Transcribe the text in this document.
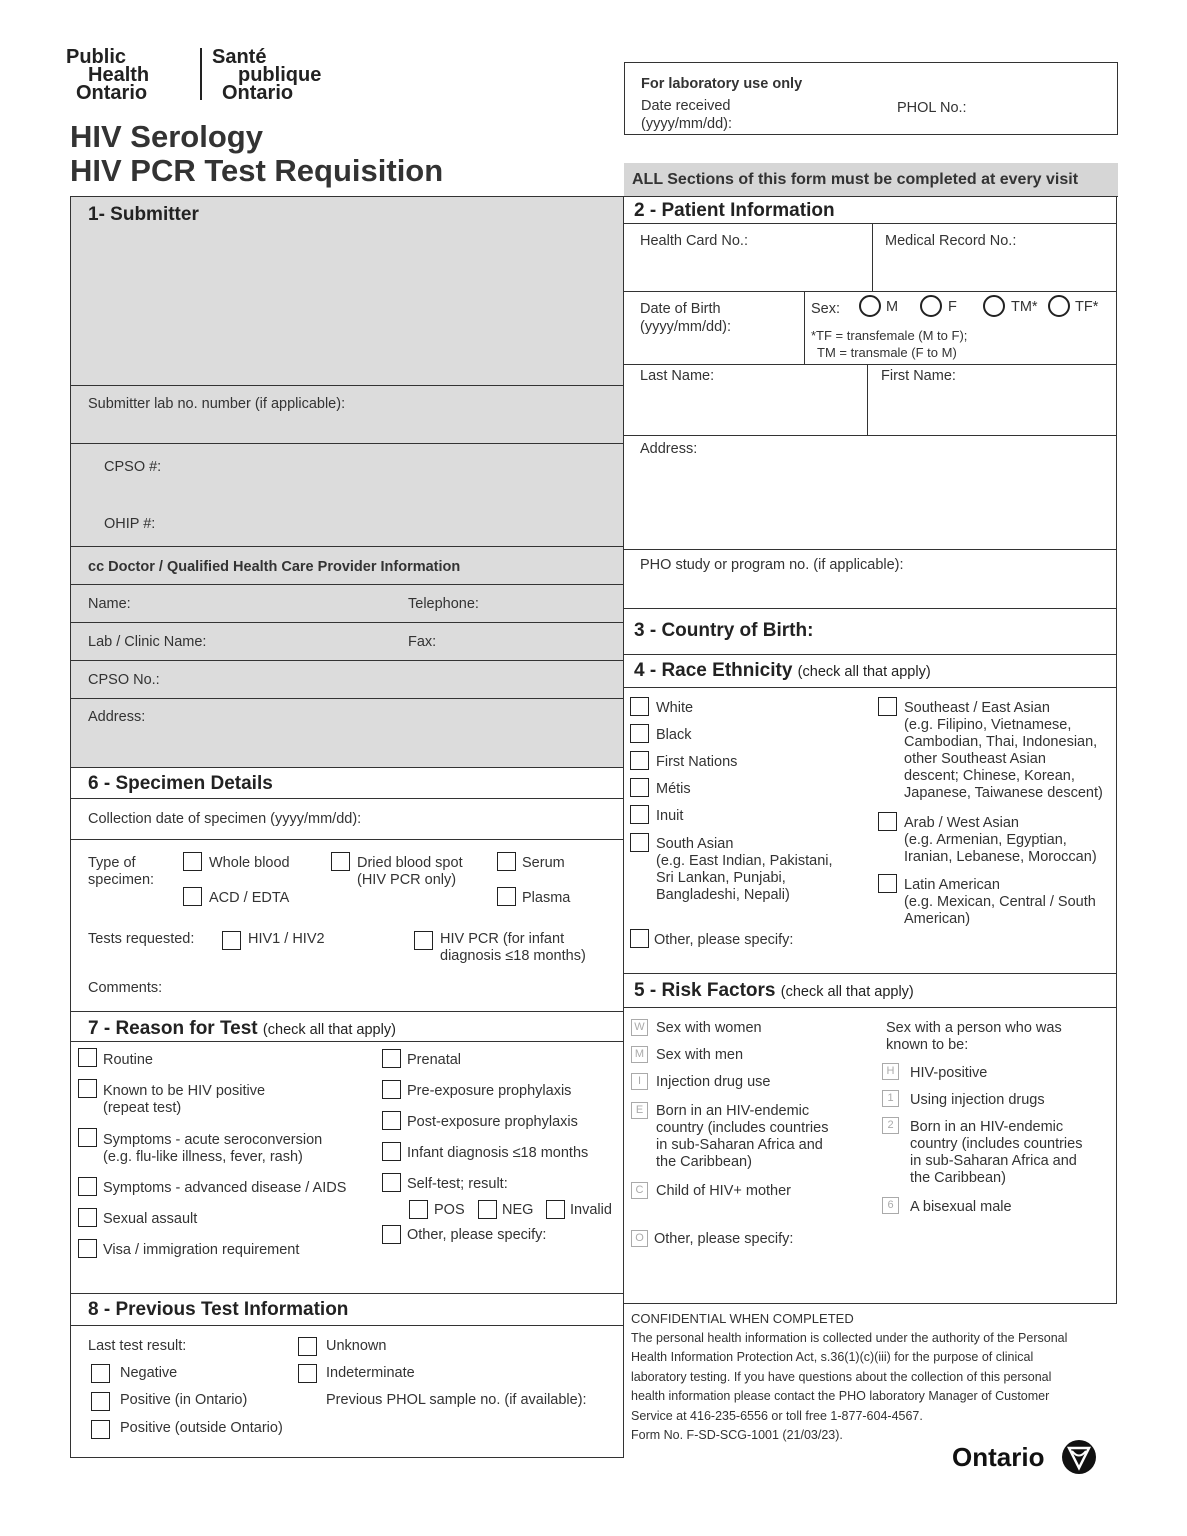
Public
Health
Ontario
Santé
publique
Ontario
HIV Serology
HIV PCR Test Requisition
For laboratory use only
Date received
(yyyy/mm/dd):
PHOL No.:
ALL Sections of this form must be completed at every visit
1- Submitter
Submitter lab no. number (if applicable):
CPSO #:
OHIP #:
cc Doctor / Qualified Health Care Provider Information
Name:	Telephone:
Lab / Clinic Name:	Fax:
CPSO No.:
Address:
6 - Specimen Details
Collection date of specimen (yyyy/mm/dd):
Type of
specimen:
Whole blood	Dried blood spot
(HIV PCR only)
Serum
ACD / EDTA	Plasma
Tests requested:	HIV1 / HIV2	HIV PCR (for infant
diagnosis ≤18 months)
Comments:
7 - Reason for Test (check all that apply)
Routine
Known to be HIV positive
(repeat test)
Symptoms - acute seroconversion
(e.g. flu-like illness, fever, rash)
Symptoms - advanced disease / AIDS
Sexual assault
Visa / immigration requirement
Prenatal
Pre-exposure prophylaxis
Post-exposure prophylaxis
Infant diagnosis ≤18 months
Self-test; result:
POS	NEG	Invalid
Other, please specify:
8 - Previous Test Information
Last test result:
Negative
Positive (in Ontario)
Positive (outside Ontario)
Unknown
Indeterminate
Previous PHOL sample no. (if available):
2 - Patient Information
Health Card No.:	Medical Record No.:
Date of Birth
(yyyy/mm/dd):
Sex:	M	F	TM*	TF*
*TF = transfemale (M to F);
TM = transmale (F to M)
Last Name:	First Name:
Address:
PHO study or program no. (if applicable):
3 - Country of Birth:
4 - Race Ethnicity (check all that apply)
White
Black
First Nations
Métis
Inuit
South Asian
(e.g. East Indian, Pakistani,
Sri Lankan, Punjabi,
Bangladeshi, Nepali)
Other, please specify:
Southeast / East Asian
(e.g. Filipino, Vietnamese,
Cambodian, Thai, Indonesian,
other Southeast Asian
descent; Chinese, Korean,
Japanese, Taiwanese descent)
Arab / West Asian
(e.g. Armenian, Egyptian,
Iranian, Lebanese, Moroccan)
Latin American
(e.g. Mexican, Central / South
American)
5 - Risk Factors (check all that apply)
W Sex with women
M Sex with men
I	Injection drug use
E Born in an HIV-endemic
country (includes countries
in sub-Saharan Africa and
the Caribbean)
C Child of HIV+ mother
O Other, please specify:
Sex with a person who was
known to be:
H	HIV-positive
1	Using injection drugs
2	Born in an HIV-endemic
country (includes countries
in sub-Saharan Africa and
the Caribbean)
6	A bisexual male
CONFIDENTIAL WHEN COMPLETED
The personal health information is collected under the authority of the Personal
Health Information Protection Act, s.36(1)(c)(iii) for the purpose of clinical
laboratory testing. If you have questions about the collection of this personal
health information please contact the PHO laboratory Manager of Customer
Service at 416-235-6556 or toll free 1-877-604-4567.
Form No. F-SD-SCG-1001 (21/03/23).
Ontario
